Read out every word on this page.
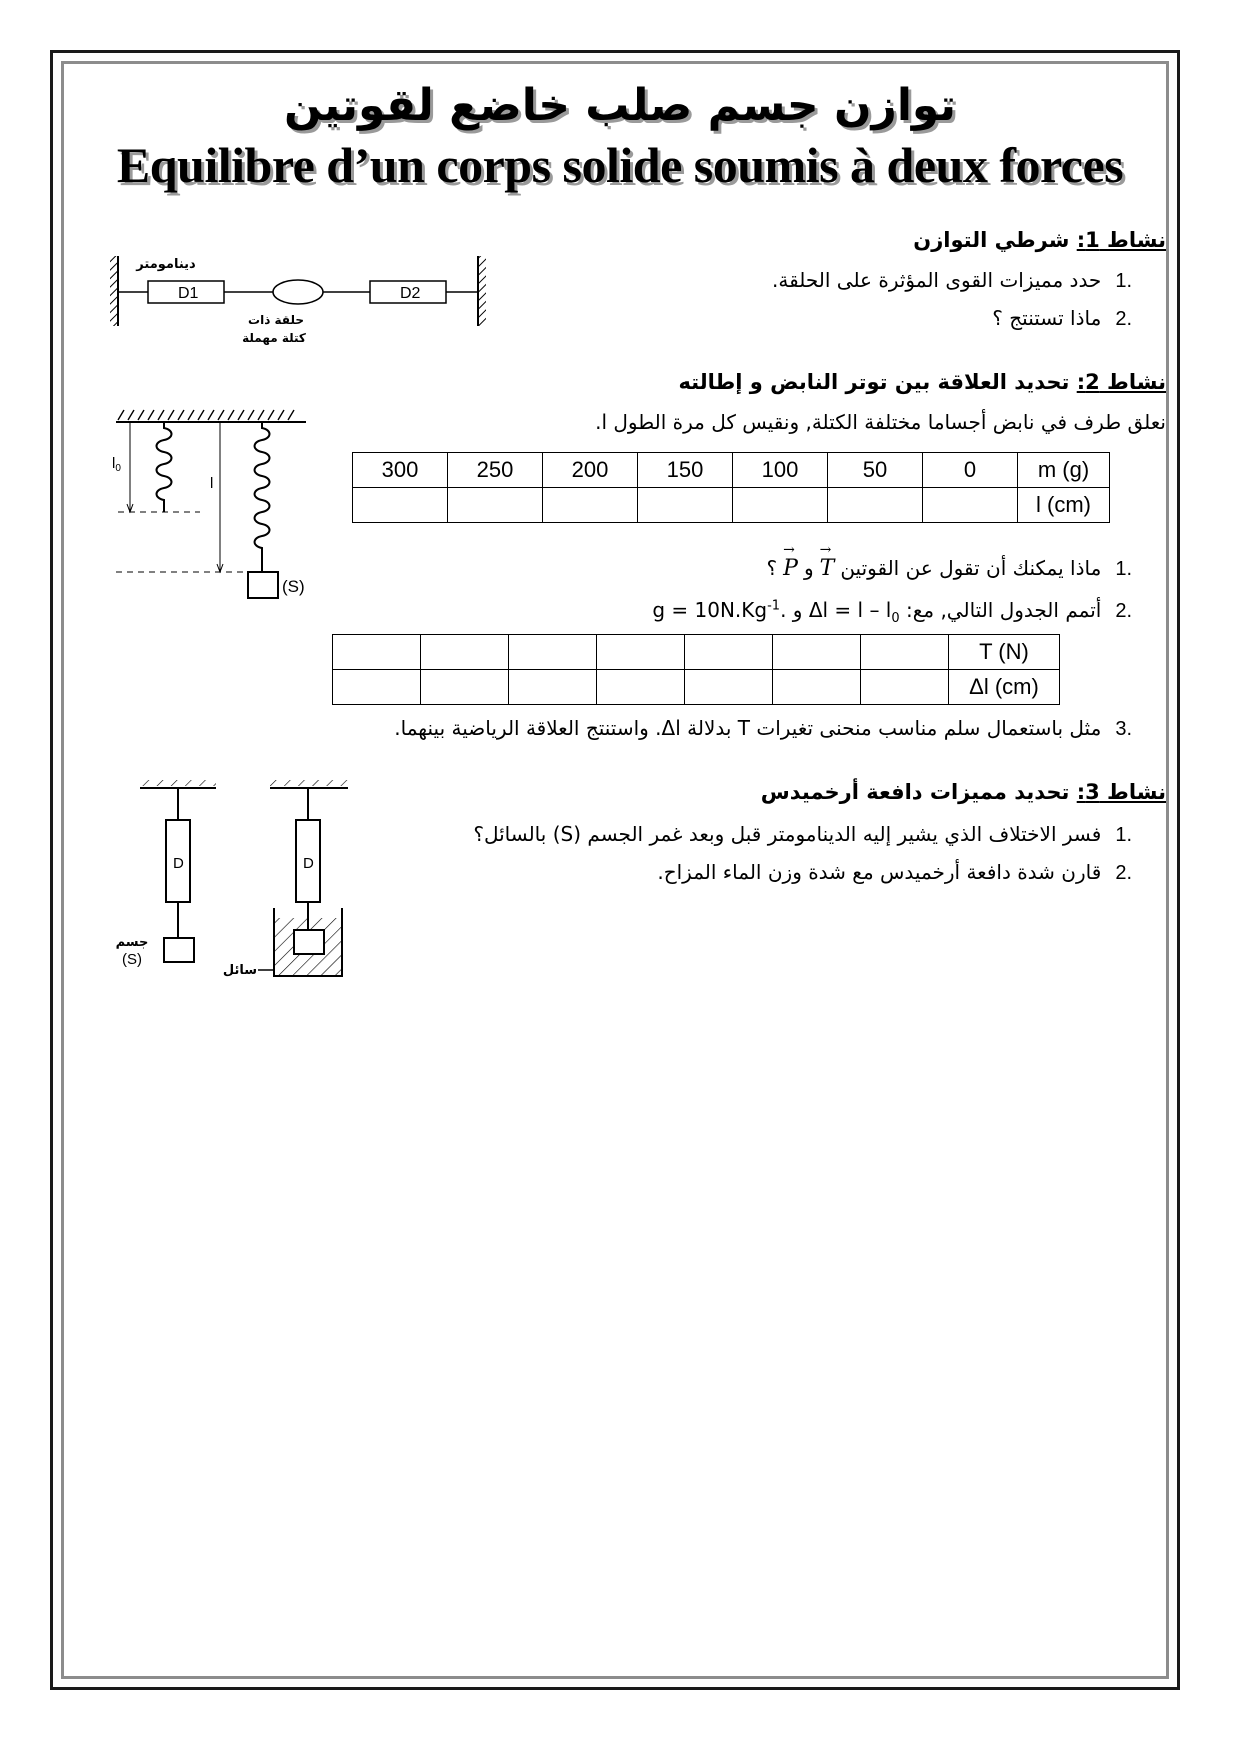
توازن جسم صلب خاضع لقوتين
Equilibre d’un corps solide soumis à deux forces
نشاط 1: شرطي التوازن
.1حدد مميزات القوى المؤثرة على الحلقة.
.2ماذا تستنتج ؟
D1	D2
دينامومتر
حلقة ذات
كتلة مهملة
نشاط 2: تحديد العلاقة بين توتر النابض و إطالته
نعلق طرف في نابض أجساما مختلفة الكتلة, ونقيس كل مرة الطول l.
300	250	200	150	100	50	0	m (g)
							l (cm)
.1ماذا يمكنك أن تقول عن القوتين
→
Tو
→
P؟
.2أتمم الجدول التالي, مع: $\Delta l = l - l_0$ و $g = 10N.Kg^{-1}$.
							T (N)
							Δl (cm)
.3مثل باستعمال سلم مناسب منحنى تغيرات T بدلالة Δl. واستنتج العلاقة الرياضية بينهما.
$l_0$
l
(S)
نشاط 3: تحديد مميزات دافعة أرخميدس
.1فسر الاختلاف الذي يشير إليه الدينامومتر قبل وبعد غمر الجسم (S) بالسائل؟
.2قارن شدة دافعة أرخميدس مع شدة وزن الماء المزاح.
D
جسم
(S)
D
سائل
